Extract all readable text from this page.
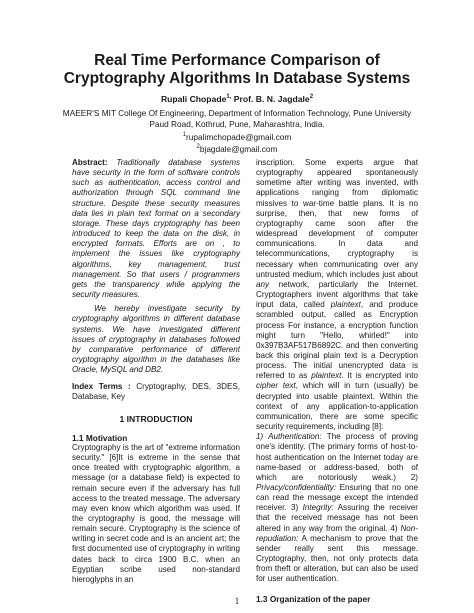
Real Time Performance Comparison of
Cryptography Algorithms In Database Systems
Rupali Chopade$^{1,}$ Prof. B. N. Jagdale$^2$
MAEER'S MIT College Of Engineering, Department of Information Technology, Pune University
Paud Road, Kothrud, Pune, Maharashtra, India.
$^1$rupalimchopade@gmail.com
$^2$bjagdale@gmail.com

Abstract: Traditionally database systems have security in the form of software controls such as authentication, access control and authorization through SQL command line structure. Despite these security measures data lies in plain text format on a secondary storage. These days cryptography has been introduced to keep the data on the disk, in encrypted formats. Efforts are on , to implement the issues like cryptography algorithms, key management, trust management. So that users / programmers gets the transparency while applying the security measures.

We hereby investigate security by cryptography algorithms in different database systems. We have investigated different issues of cryptography in databases followed by comparative performance of different cryptography algorithm in the databases like Oracle, MySQL and DB2.

Index Terms : Cryptography, DES, 3DES, Database, Key

1 INTRODUCTION
1.1 Motivation

Cryptography is the art of "extreme information security." [6]It is extreme in the sense that once treated with cryptographic algorithm, a message (or a database field) is expected to remain secure even if the adversary has full access to the treated message. The adversary may even know which algorithm was used. If the cryptography is good, the message will remain secure. Cryptography is the science of writing in secret code and is an ancient art; the first documented use of cryptography in writing dates back to circa 1900 B.C. when an Egyptian scribe used non-standard hieroglyphs in an

inscription. Some experts argue that cryptography appeared spontaneously sometime after writing was invented, with applications ranging from diplomatic missives to war-time battle plans. It is no surprise, then, that new forms of cryptography came soon after the widespread development of computer communications. In data and telecommunications, cryptography is necessary when communicating over any untrusted medium, which includes just about any network, particularly the Internet. Cryptographers invent algorithms that take input data, called plaintext, and produce scrambled output, called as Encryption process For instance, a encryption function might turn "Hello, whirled!" into 0x397B3AF517B6892C. and then converting back this original plain text is a Decryption process. The initial unencrypted data is referred to as plaintext. It is encrypted into cipher text, which will in turn (usually) be decrypted into usable plaintext. Within the context of any application-to-application communication, there are some specific security requirements, including [8]:

1) Authentication: The process of proving one's identity. (The primary forms of host-to-host authentication on the Internet today are name-based or address-based, both of which are notoriously weak.) 2) Privacy/confidentiality: Ensuring that no one can read the message except the intended receiver. 3) Integrity: Assuring the receiver that the received message has not been altered in any way from the original. 4) Non-repudiation: A mechanism to prove that the sender really sent this message. Cryptography, then, not only protects data from theft or alteration, but can also be used for user authentication.

1.3 Organization of the paper
1
